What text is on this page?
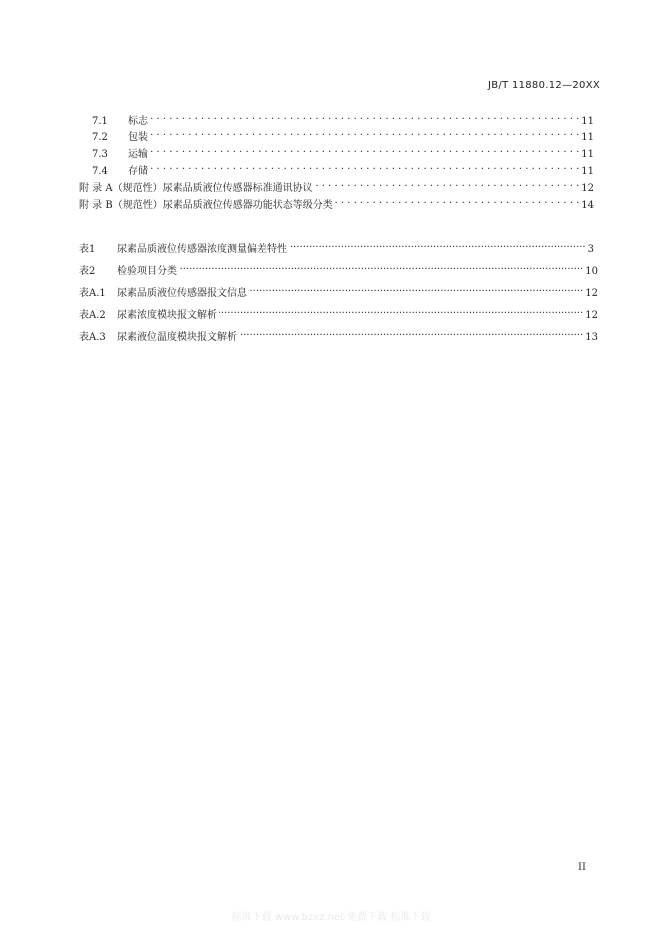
JB/T 11880.12—20XX
7.1	标志 . . .	11
7.2	包装 . . .	11
7.3	运输 . . .	11
7.4	存储 . . .	11
附 录 A （规范性）尿素品质液位传感器标准通讯协议 . . .	12
附 录 B （规范性）尿素品质液位传感器功能状态等级分类 . . .	14
表1	尿素品质液位传感器浓度测量偏差特性 .....	3
表2	检验项目分类 .....	10
表A.1	尿素品质液位传感器报文信息 .....	12
表A.2	尿素浓度模块报文解析 .....	12
表A.3	尿素液位温度模块报文解析 .....	13
II
标准下载 www.bzxz.net 免费下载 标准下载
